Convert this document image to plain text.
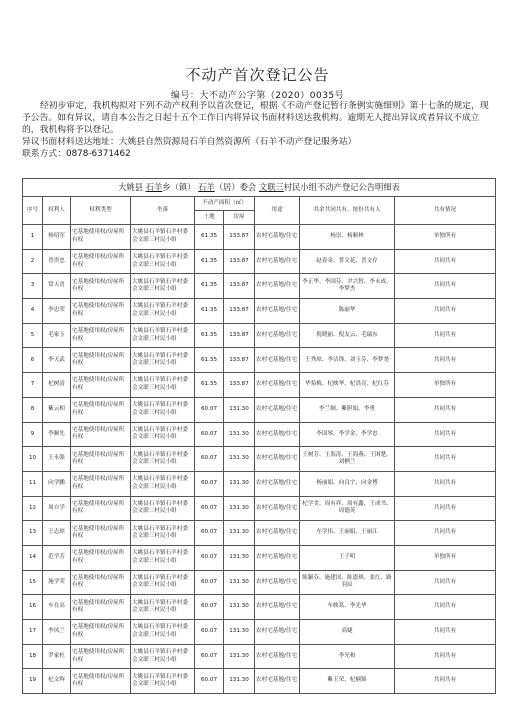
不动产首次登记公告
编号：大不动产公字第（2020）0035号

经初步审定，我机构拟对下列不动产权利予以首次登记，根据《不动产登记暂行条例实施细则》第十七条的规定，现予公告。如有异议，请自本公告之日起十五个工作日内将异议书面材料送达我机构。逾期无人提出异议或者异议不成立的，我机构将予以登记。

异议书面材料送达地址：大姚县自然资源局石羊自然资源所（石羊不动产登记服务站）

联系方式：0878-6371462

大姚县 石羊乡（镇） 石羊（居）委会 文联三村民小组不动产登记公告明细表								
序号	权利人	权利类型	坐落	不动产面积（㎡）		用途	其余共同共有、按份共有人	共有情况
				土地	房屋			
1	杨绍军	宅基地使用权/房屋所有权	大姚县石羊镇石羊村委会文联三村民小组	61.35	133.87	农村宅基地/住宅	杨崇、杨顺林	单独所有
2	普贵忠	宅基地使用权/房屋所有权	大姚县石羊镇石羊村委会文联三村民小组	61.35	133.87	农村宅基地/住宅	赵春金、普文花、普文存	共同共有
3	常天喜	宅基地使用权/房屋所有权	大姚县石羊镇石羊村委会文联三村民小组	61.35	133.87	农村宅基地/住宅	李正华、李国芬、尹兴智、李永成、李梦杰	共同共有
4	李忠荣	宅基地使用权/房屋所有权	大姚县石羊镇石羊村委会文联三村民小组	61.35	133.87	农村宅基地/住宅	陈丽华	共同共有
5	毛家玉	宅基地使用权/房屋所有权	大姚县石羊镇石羊村委会文联三村民小组	61.35	133.87	农村宅基地/住宅	倪晓丽、倪友云、毛瑞东	共同共有
6	李天武	宅基地使用权/房屋所有权	大姚县石羊镇石羊村委会文联三村民小组	61.35	133.87	农村宅基地/住宅	王秀琼、李洁锋、刘玉芬、李梦尧	共同共有
7	杞树清	宅基地使用权/房屋所有权	大姚县石羊镇石羊村委会文联三村民小组	61.35	133.87	农村宅基地/住宅	华菊梅、杞映华、杞洪亮、杞红芬	单独所有
8	紫云相	宅基地使用权/房屋所有权	大姚县石羊镇石羊村委会文联三村民小组	60.07	131.30	农村宅基地/住宅	李兰顺、紫胆娟、李勇	共同共有
9	李顺先	宅基地使用权/房屋所有权	大姚县石羊镇石羊村委会文联三村民小组	60.07	131.30	农村宅基地/住宅	李国琴、李学金、李学忠	共同共有
10	王永强	宅基地使用权/房屋所有权	大姚县石羊镇石羊村委会文联三村民小组	60.07	131.30	农村宅基地/住宅	王树芳、王海涛、王海燕、王困楚、刘栖兰	共同共有
11	向学鹏	宅基地使用权/房屋所有权	大姚县石羊镇石羊村委会文联三村民小组	60.07	131.30	农村宅基地/住宅	杨丽娟、向良宇、向金博	共同共有
12	周自学	宅基地使用权/房屋所有权	大姚县石羊镇石羊村委会文联三村民小组	60.07	131.30	农村宅基地/住宅	杞学美、周有祥、周有鑫、王成书、周德英	共同共有
13	王志琼	宅基地使用权/房屋所有权	大姚县石羊镇石羊村委会文联三村民小组	60.07	131.30	农村宅基地/住宅	车学伟、王丽娟、王丽江	共同共有
14	范学芳	宅基地使用权/房屋所有权	大姚县石羊镇石羊村委会文联三村民小组	60.07	131.30	农村宅基地/住宅	王子明	单独所有
15	施学荣	宅基地使用权/房屋所有权	大姚县石羊镇石羊村委会文联三村民小组	60.07	131.30	农村宅基地/住宅	陈颖芬、施建国、陈恩琪、张红、路羽辰	共同共有
16	车在高	宅基地使用权/房屋所有权	大姚县石羊镇石羊村委会文联三村民小组	60.07	131.30	农村宅基地/住宅	车映葛、李光华	共同共有
17	李凤兰	宅基地使用权/房屋所有权	大姚县石羊镇石羊村委会文联三村民小组	60.07	131.30	农村宅基地/住宅	高婕	共同共有
18	罗家杜	宅基地使用权/房屋所有权	大姚县石羊镇石羊村委会文联三村民小组	60.07	131.30	农村宅基地/住宅	李光和	共同共有
19	杞文辉	宅基地使用权/房屋所有权	大姚县石羊镇石羊村委会文联三村民小组	60.07	131.30	农村宅基地/住宅	紫玉荣、杞楠锦	共同共有
